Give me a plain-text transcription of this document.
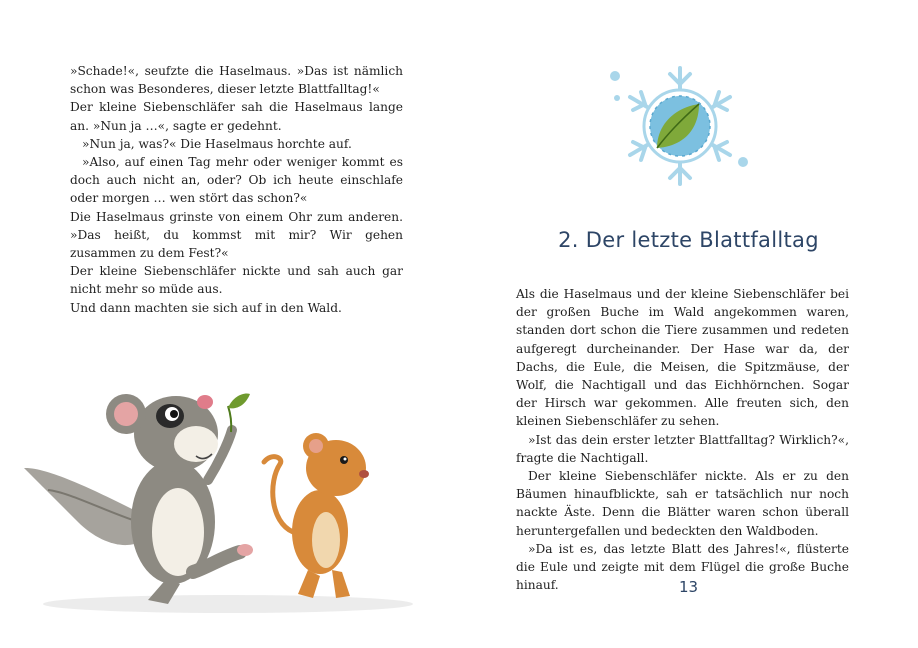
»Schade!«, seufzte die Haselmaus. »Das ist nämlich schon was Besonderes, dieser letzte Blattfalltag!«

Der kleine Siebenschläfer sah die Haselmaus lange an. »Nun ja …«, sagte er gedehnt.

»Nun ja, was?« Die Haselmaus horchte auf.

»Also, auf einen Tag mehr oder weniger kommt es doch auch nicht an, oder? Ob ich heute einschlafe oder morgen … wen stört das schon?«

Die Haselmaus grinste von einem Ohr zum anderen. »Das heißt, du kommst mit mir? Wir gehen zusammen zu dem Fest?«

Der kleine Siebenschläfer nickte und sah auch gar nicht mehr so müde aus.

Und dann machten sie sich auf in den Wald.

2. Der letzte Blattfalltag

Als die Haselmaus und der kleine Siebenschläfer bei der großen Buche im Wald angekommen waren, standen dort schon die Tiere zusammen und redeten aufgeregt durcheinander. Der Hase war da, der Dachs, die Eule, die Meisen, die Spitzmäuse, der Wolf, die Nachtigall und das Eichhörnchen. Sogar der Hirsch war gekommen. Alle freuten sich, den kleinen Siebenschläfer zu sehen.

»Ist das dein erster letzter Blattfalltag? Wirklich?«, fragte die Nachtigall.

Der kleine Siebenschläfer nickte. Als er zu den Bäumen hinaufblickte, sah er tatsächlich nur noch nackte Äste. Denn die Blätter waren schon überall heruntergefallen und bedeckten den Waldboden.

»Da ist es, das letzte Blatt des Jahres!«, flüsterte die Eule und zeigte mit dem Flügel die große Buche hinauf.	13
